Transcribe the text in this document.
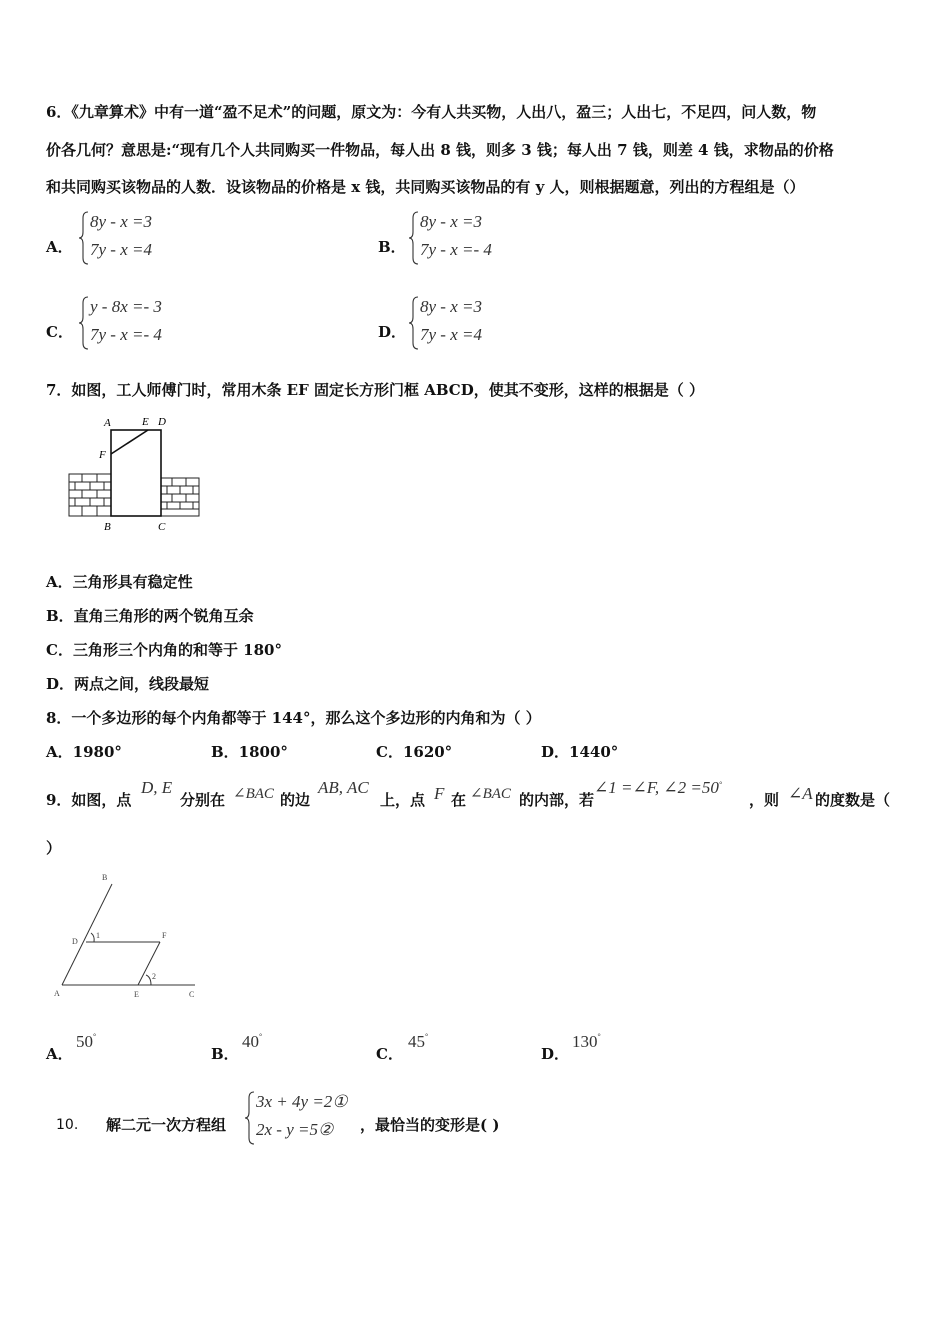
6．《九章算术》中有一道“盈不足术”的问题，原文为：今有人共买物，人出八，盈三；人出七，不足四，问人数，物
价各几何？意思是:“现有几个人共同购买一件物品，每人出 8 钱，则多 3 钱；每人出 7 钱，则差 4 钱，求物品的价格
和共同购买该物品的人数．设该物品的价格是 x 钱，共同购买该物品的有 y 人，则根据题意，列出的方程组是（）
A．
8y - x =3
7y - x =4	B．
8y - x =3
7y - x =- 4
C．
y - 8x =- 3
7y - x =- 4	D．
8y - x =3
7y - x =4
7．如图，工人师傅门时，常用木条 EF 固定长方形门框 ABCD，使其不变形，这样的根据是（ ）
A	E D
F
B	C
A．三角形具有稳定性
B．直角三角形的两个锐角互余
C．三角形三个内角的和等于 180°
D．两点之间，线段最短
8．一个多边形的每个内角都等于 144°，那么这个多边形的内角和为（ ）
A．1980°	B．1800°	C．1620°	D．1440°
9．如图，点
D, E
分别在 ∠BAC 的边
AB, AC
上，点 F 在 ∠BAC 的内部，若
∠1 =∠F, ∠2 =50°
，则 ∠A 的度数是（
）
B
D
1	F
2
A	E	C
A．
50°
B．
40°
C．
45°
D．
130°
10. 解二元一次方程组
3x + 4y =2①
2x - y =5② ，最恰当的变形是( )
